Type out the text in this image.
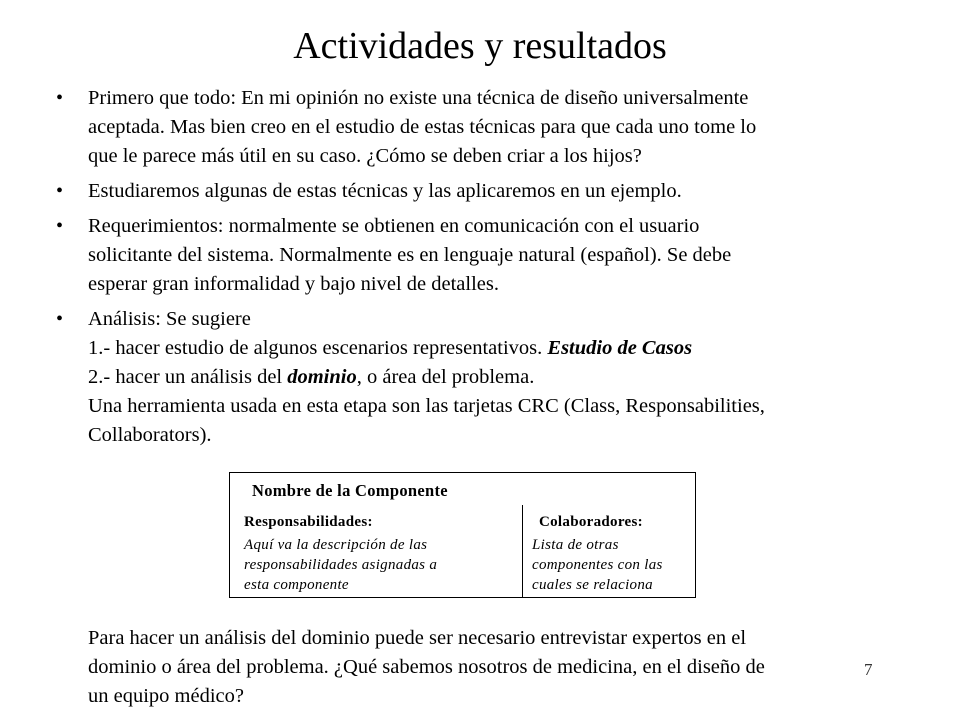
Actividades y resultados
• Primero que todo: En mi opinión no existe una técnica de diseño universalmente
aceptada. Mas bien creo en el estudio de estas técnicas para que cada uno tome lo
que le parece más útil en su caso. ¿Cómo se deben criar a los hijos?
• Estudiaremos algunas de estas técnicas y las aplicaremos en un ejemplo.
• Requerimientos: normalmente se obtienen en comunicación con el usuario
solicitante del sistema. Normalmente es en lenguaje natural (español). Se debe
esperar gran informalidad y bajo nivel de detalles.
• Análisis: Se sugiere
1.- hacer estudio de algunos escenarios representativos. Estudio de Casos
2.- hacer un análisis del dominio, o área del problema.
Una herramienta usada en esta etapa son las tarjetas CRC (Class, Responsabilities,
Collaborators).
Nombre de la Componente
Responsabilidades:	Colaboradores:
Aquí va la descripción de las
responsabilidades asignadas a
esta componente
Lista de otras
componentes con las
cuales se relaciona
Para hacer un análisis del dominio puede ser necesario entrevistar expertos en el
dominio o área del problema. ¿Qué sabemos nosotros de medicina, en el diseño de
un equipo médico?
7
